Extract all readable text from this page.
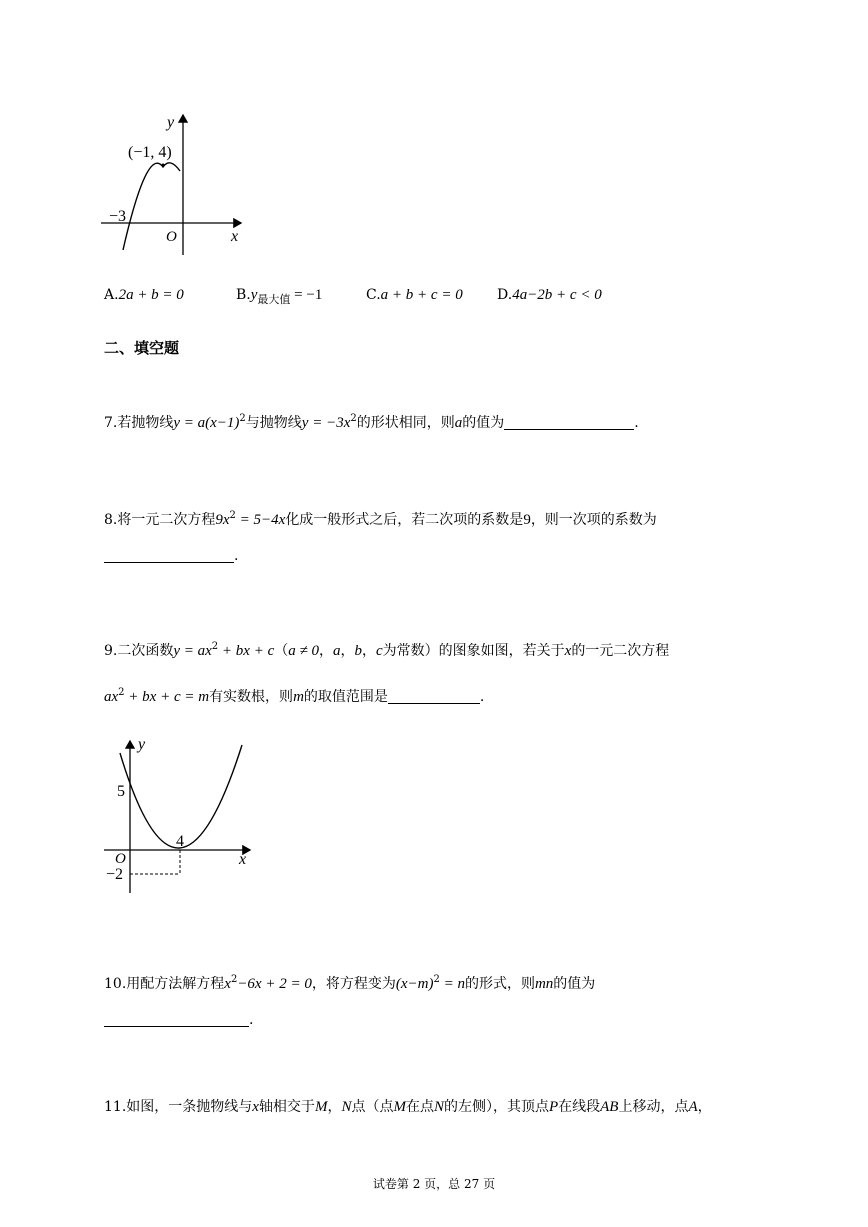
y
x
O
(−1, 4)
−3
A.2a + b = 0	$B.y_{最大值} = -1$	C.a + b + c = 0 D.4a−2b + c < 0
二、填空题
7.若抛物线$y = a(x-1)^2$与抛物线$y = -3x^2$的形状相同，则a的值为	.
8.将一元二次方程$9x^2 = 5-4x$化成一般形式之后，若二次项的系数是9，则一次项的系数为
.
9.二次函数$y = ax^2$ + bx + c（a ≠ 0，a，b，c为常数）的图象如图，若关于x的一元二次方程
$ax^2$ + bx + c = m有实数根，则m的取值范围是	.
y
x
O
5
4
−2
10.用配方法解方程$x^2-6x + 2 = 0$，将方程变为$(x-m)^2 = n$的形式，则mn的值为
.
11.如图，一条抛物线与x轴相交于M，N点（点M在点N的左侧），其顶点P在线段AB上移动，点A，
试卷第 2 页，总 27 页
